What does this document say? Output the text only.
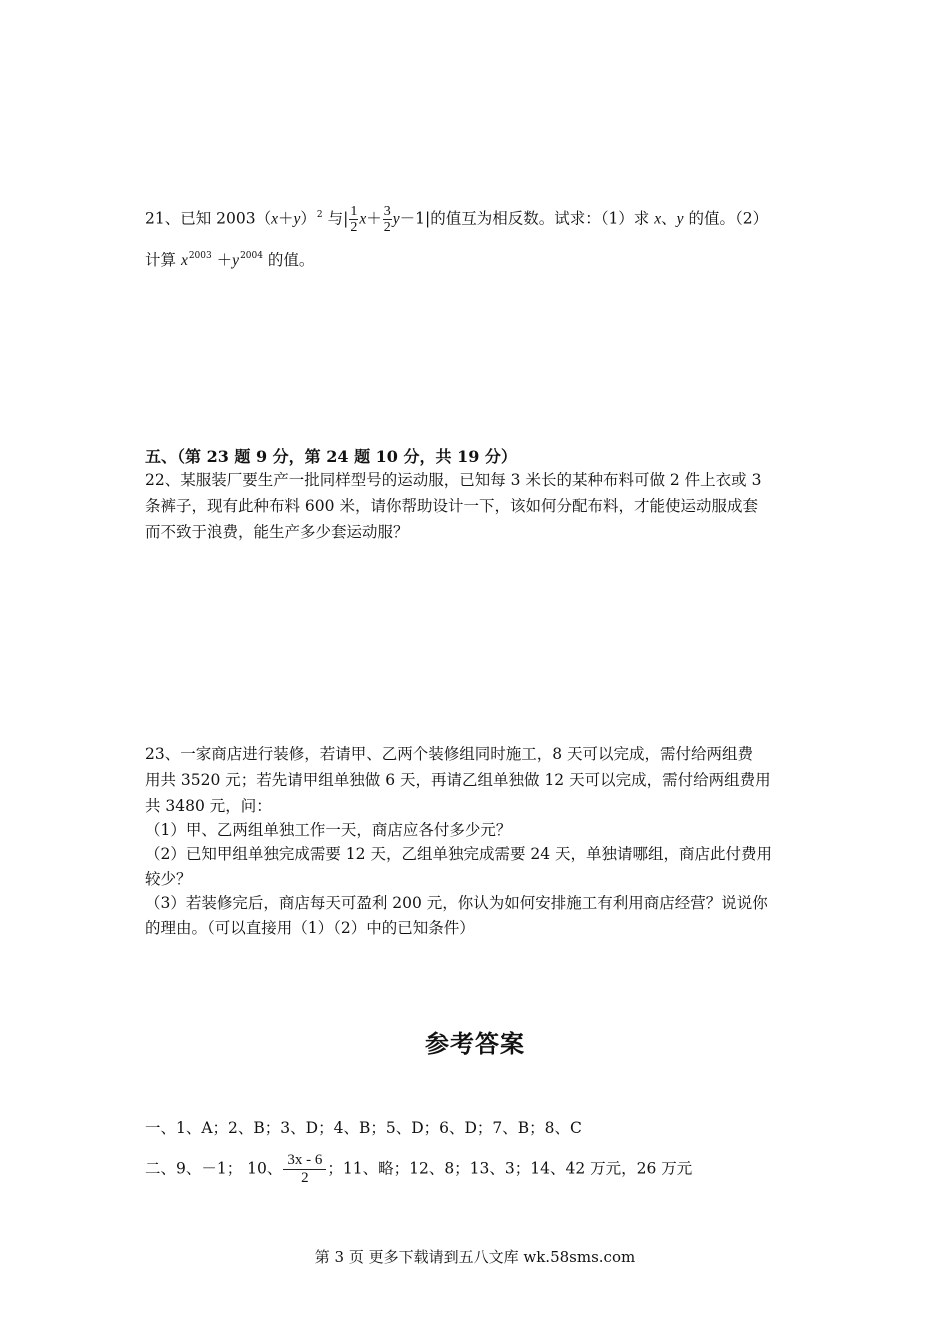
21、已知 $2003(x+y)^2$ 与| $\frac{1}{2} x+ \frac{3}{2} y-1|$的值互为相反数。试求：（1）求 x、y 的值。（2）
计算 $x^{2003} +y^{2004}$ 的值。
五、（第 23 题 9 分，第 24 题 10 分，共 19 分）
22、某服装厂要生产一批同样型号的运动服，已知每 3 米长的某种布料可做 2 件上衣或 3
条裤子，现有此种布料 600 米，请你帮助设计一下，该如何分配布料，才能使运动服成套
而不致于浪费，能生产多少套运动服？
23、一家商店进行装修，若请甲、乙两个装修组同时施工，8 天可以完成，需付给两组费
用共 3520 元；若先请甲组单独做 6 天，再请乙组单独做 12 天可以完成，需付给两组费用
共 3480 元，问：
（1）甲、乙两组单独工作一天，商店应各付多少元？
（2）已知甲组单独完成需要 12 天，乙组单独完成需要 24 天，单独请哪组，商店此付费用
较少？
（3）若装修完后，商店每天可盈利 200 元，你认为如何安排施工有利用商店经营？说说你
的理由。（可以直接用（1）（2）中的已知条件）
参考答案
一、1、A；2、B；3、D；4、B；5、D；6、D；7、B；8、C
二、9、－1； 10、 $\frac{3x - 6}{2}$ ；11、略；12、8；13、3；14、42 万元，26 万元
第 3 页 更多下载请到五八文库 wk.58sms.com
